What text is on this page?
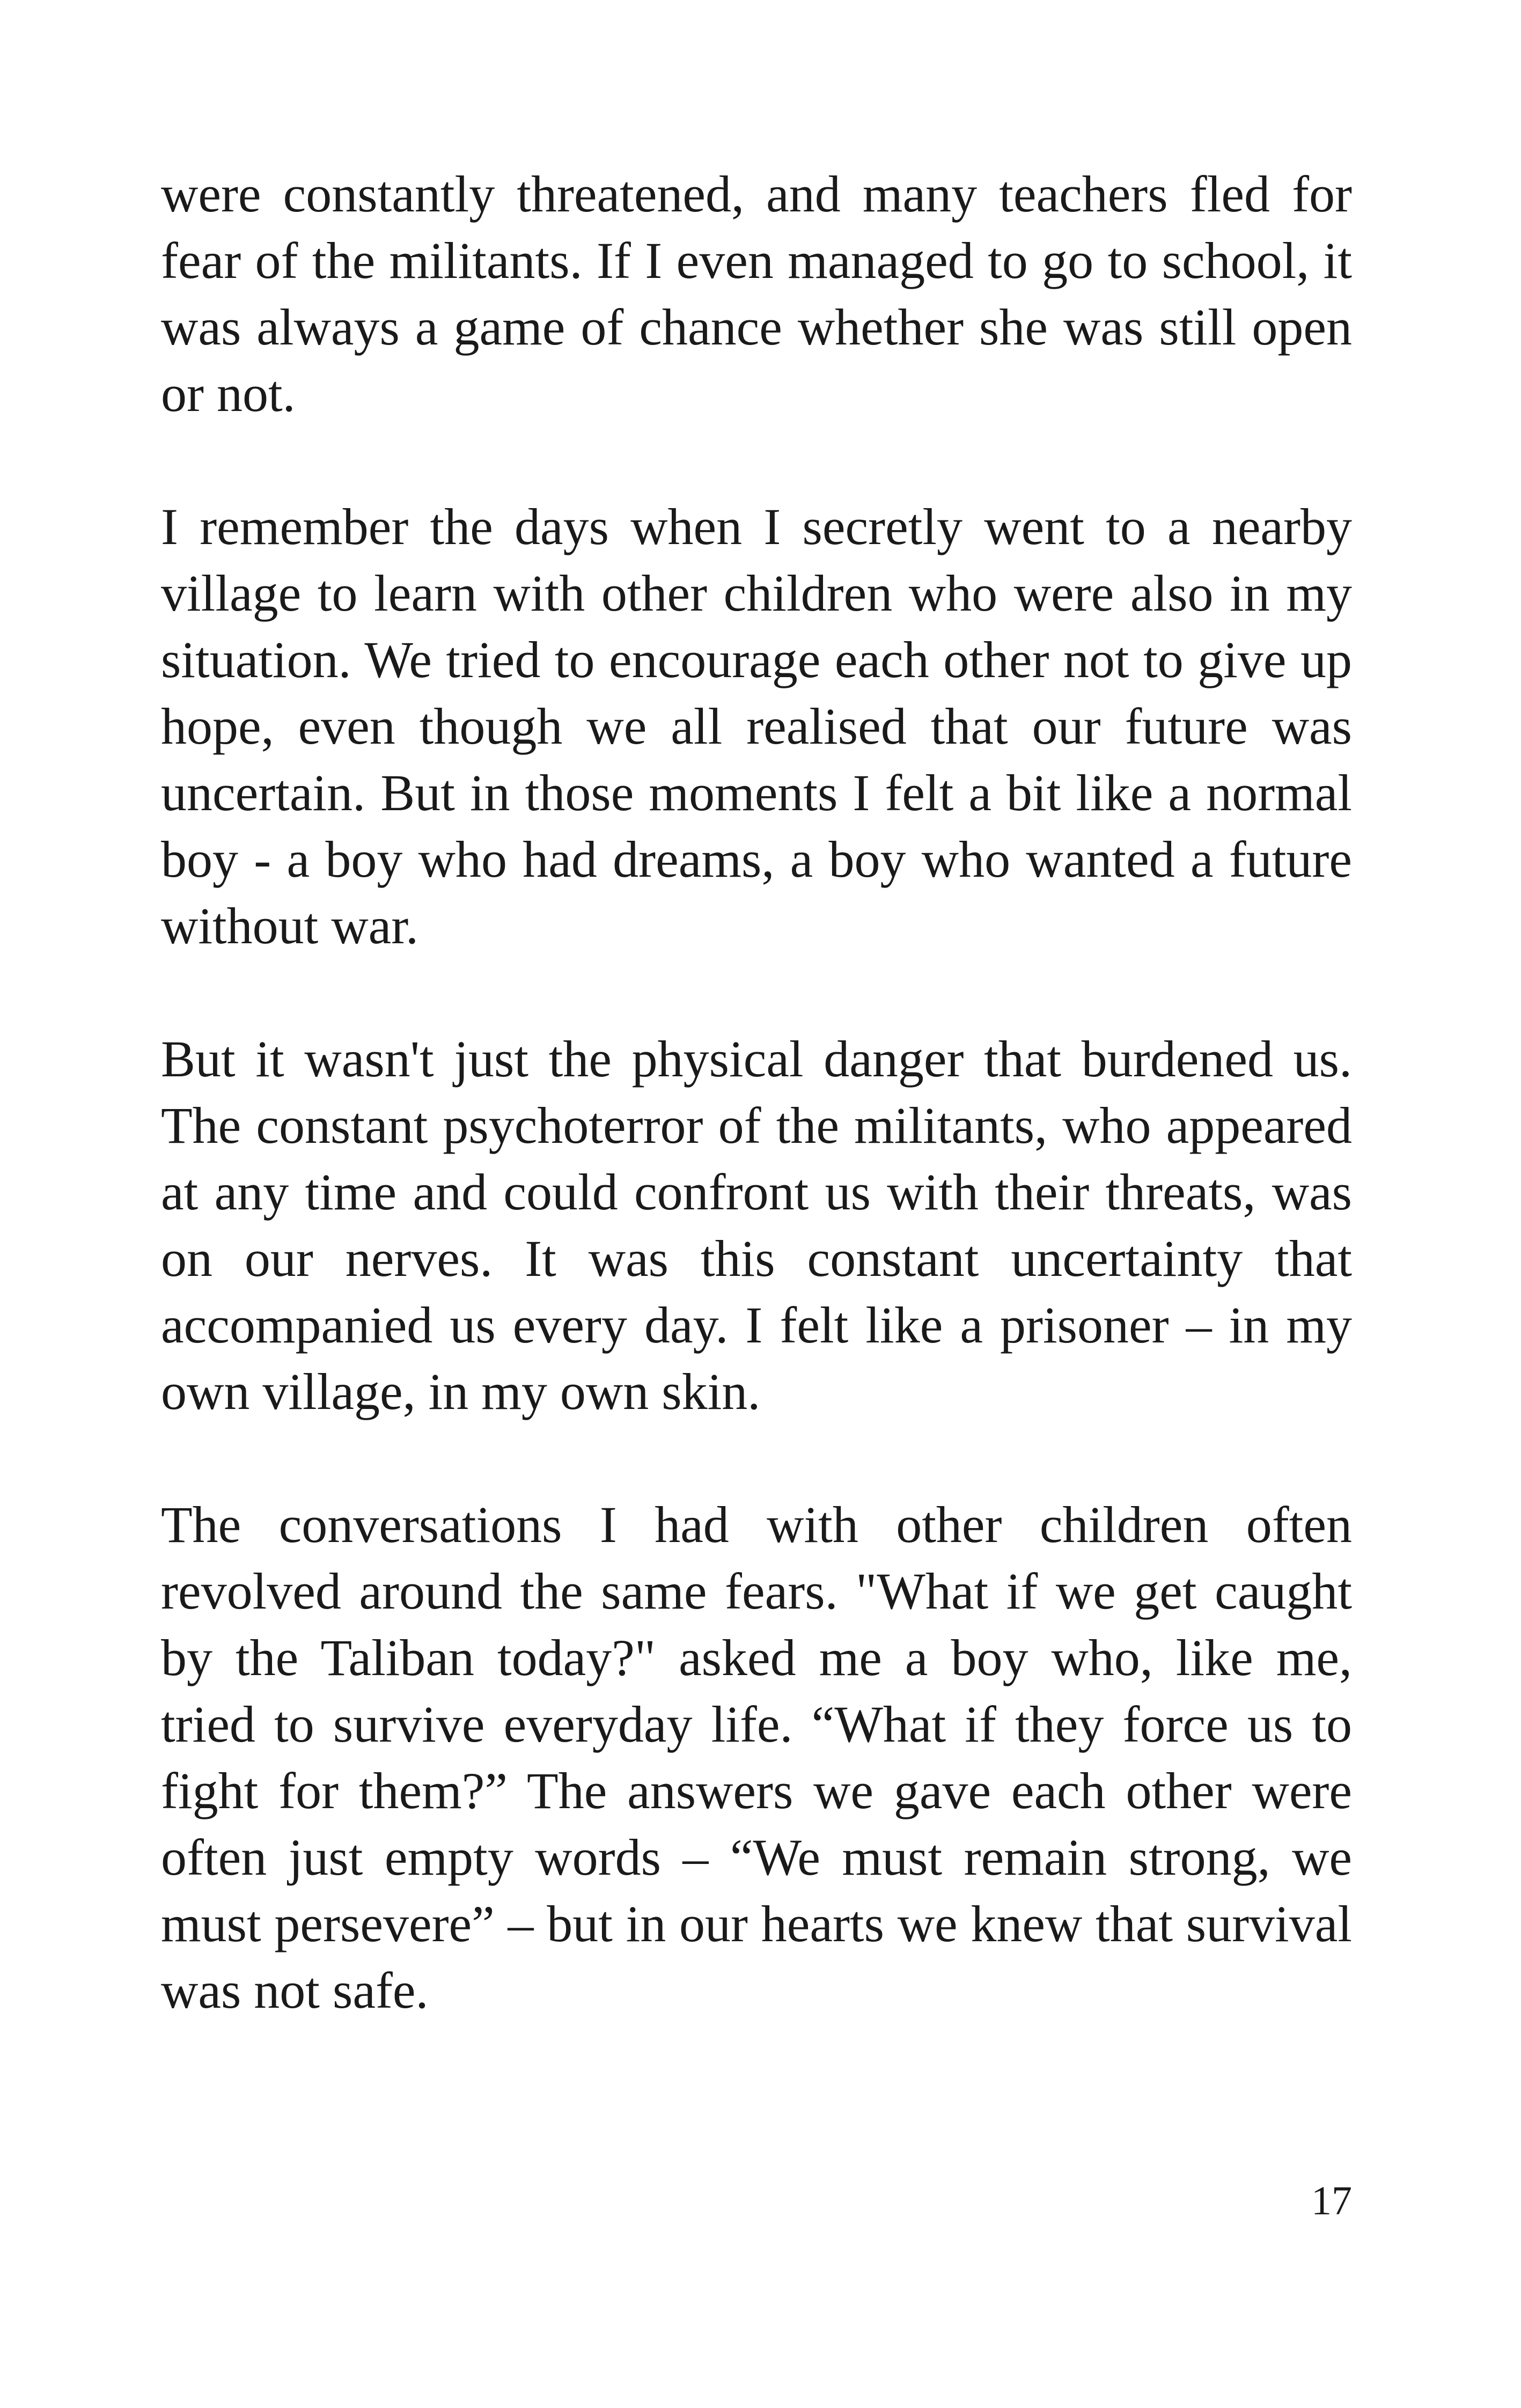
were constantly threatened, and many teachers fled for fear of the militants. If I even managed to go to school, it was always a game of chance whether she was still open or not.

I remember the days when I secretly went to a nearby village to learn with other children who were also in my situation. We tried to encourage each other not to give up hope, even though we all realised that our future was uncertain. But in those moments I felt a bit like a normal boy - a boy who had dreams, a boy who wanted a future without war.

But it wasn't just the physical danger that burdened us. The constant psychoterror of the militants, who appeared at any time and could confront us with their threats, was on our nerves. It was this constant uncertainty that accompanied us every day. I felt like a prisoner – in my own village, in my own skin.

The conversations I had with other children often revolved around the same fears. "What if we get caught by the Taliban today?" asked me a boy who, like me, tried to survive everyday life. “What if they force us to fight for them?” The answers we gave each other were often just empty words – “We must remain strong, we must persevere” – but in our hearts we knew that survival was not safe.

17
